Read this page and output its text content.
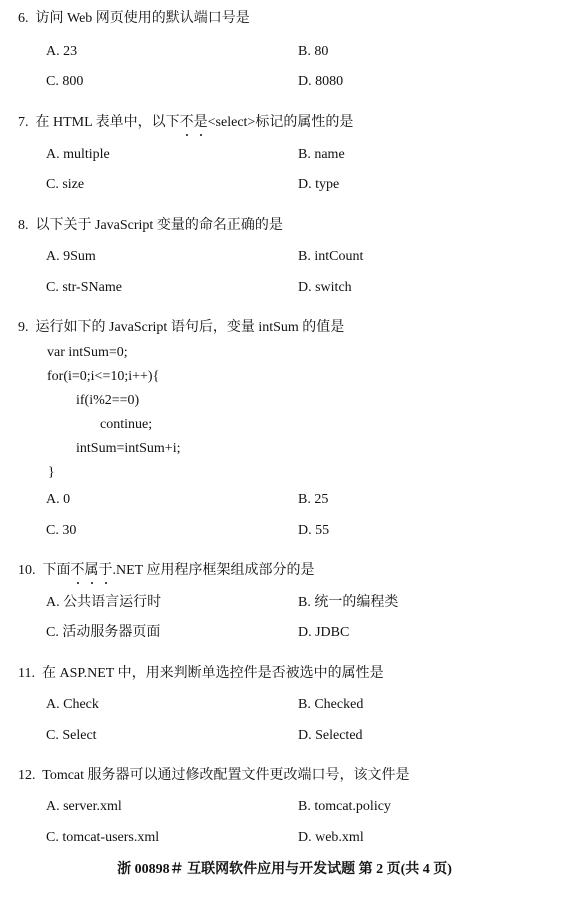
6. 访问 Web 网页使用的默认端口号是
A. 23	B. 80
C. 800	D. 8080
7. 在 HTML 表单中，以下不是<select>标记的属性的是
A. multiple	B. name
C. size	D. type
8. 以下关于 JavaScript 变量的命名正确的是
A. 9Sum	B. intCount
C. str-SName	D. switch
9. 运行如下的 JavaScript 语句后，变量 intSum 的值是
var intSum=0;
for(i=0;i<=10;i++){
if(i%2==0)
continue;
intSum=intSum+i;
}
A. 0	B. 25
C. 30	D. 55
10. 下面不属于.NET 应用程序框架组成部分的是
A. 公共语言运行时	B. 统一的编程类
C. 活动服务器页面	D. JDBC
11. 在 ASP.NET 中，用来判断单选控件是否被选中的属性是
A. Check	B. Checked
C. Select	D. Selected
12. Tomcat 服务器可以通过修改配置文件更改端口号，该文件是
A. server.xml	B. tomcat.policy
C. tomcat-users.xml	D. web.xml
浙 00898＃ 互联网软件应用与开发试题 第 2 页(共 4 页)
